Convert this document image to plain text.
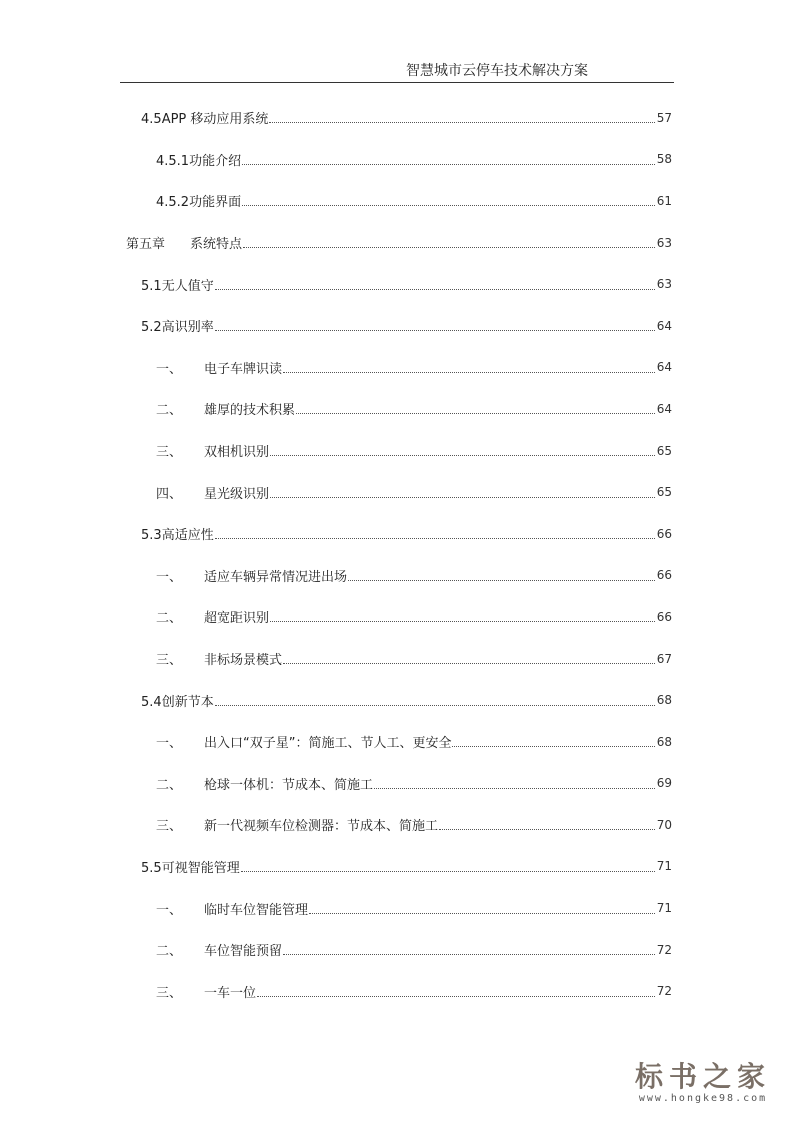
智慧城市云停车技术解决方案
4.5 APP 移动应用系统	57
4.5.1 功能介绍	58
4.5.2 功能界面	61
第五章	系统特点	63
5.1 无人值守	63
5.2 高识别率	64
一、	电子车牌识读	64
二、	雄厚的技术积累	64
三、	双相机识别	65
四、	星光级识别	65
5.3 高适应性	66
一、	适应车辆异常情况进出场	66
二、	超宽距识别	66
三、	非标场景模式	67
5.4 创新节本	68
一、	出入口“双子星”：简施工、节人工、更安全	68
二、	枪球一体机：节成本、简施工	69
三、	新一代视频车位检测器：节成本、简施工	70
5.5 可视智能管理	71
一、	临时车位智能管理	71
二、	车位智能预留	72
三、	一车一位	72
标书之家
www.hongke98.com
